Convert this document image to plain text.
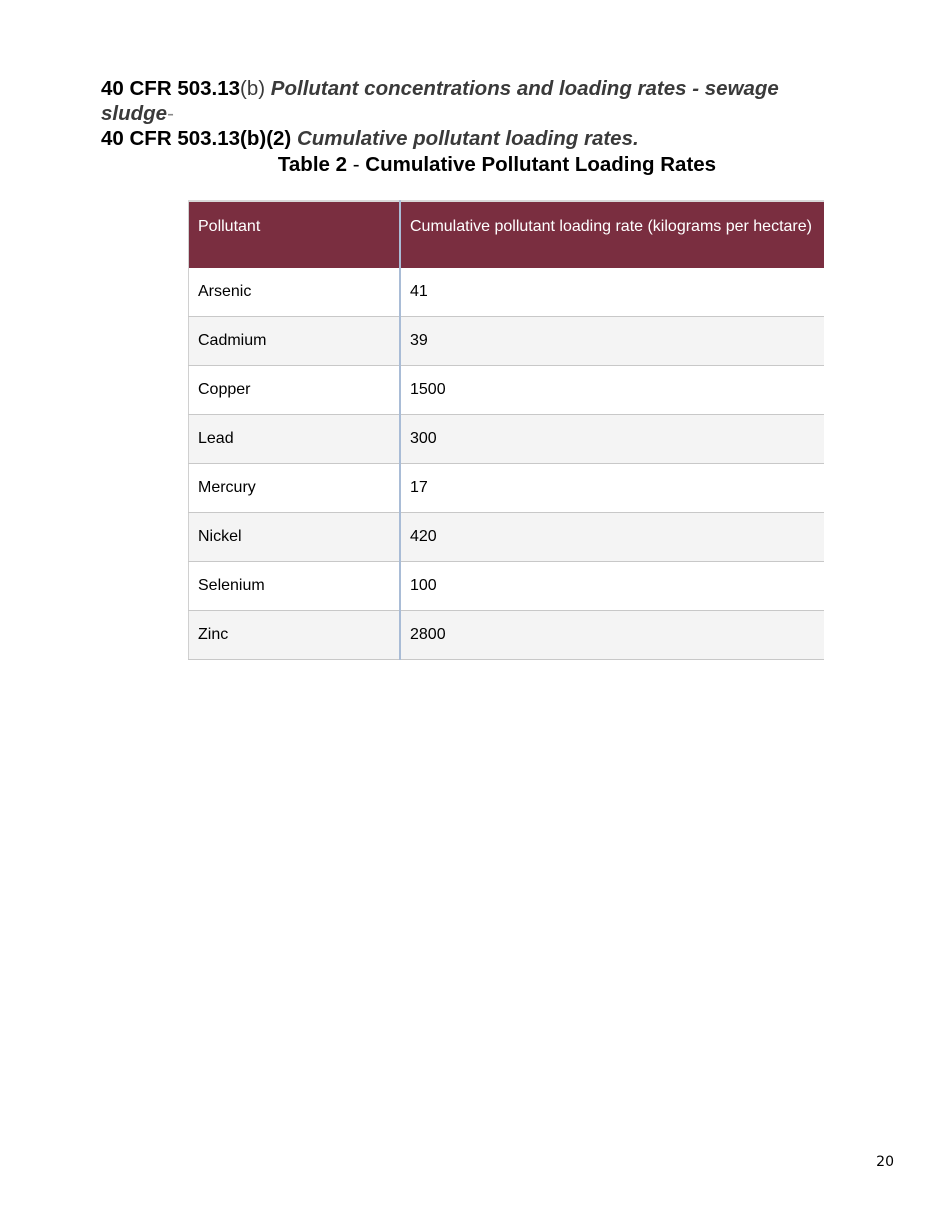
40 CFR 503.13(b) Pollutant concentrations and loading rates - sewage

sludge-

40 CFR 503.13(b)(2) Cumulative pollutant loading rates.

Table 2 - Cumulative Pollutant Loading Rates
Pollutant	Cumulative pollutant loading rate (kilograms per hectare)
Arsenic	41
Cadmium	39
Copper	1500
Lead	300
Mercury	17
Nickel	420
Selenium	100
Zinc	2800
20
